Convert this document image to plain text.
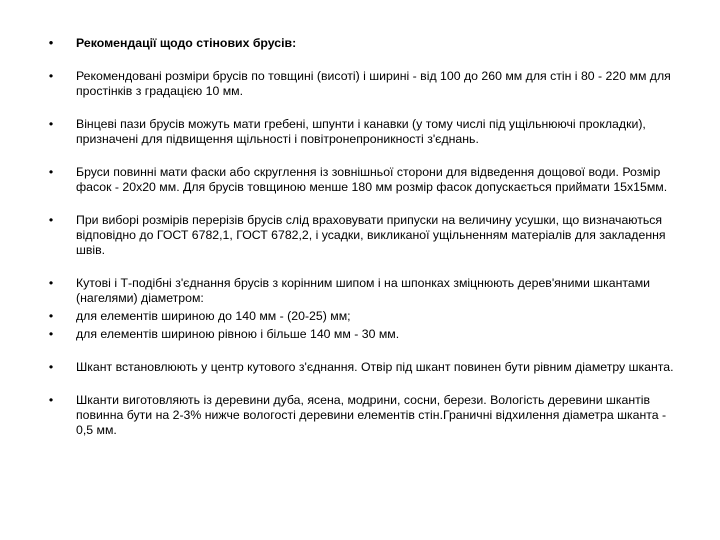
• Рекомендації щодо стінових брусів:
• Рекомендовані розміри брусів по товщині (висоті) і ширині - від 100 до 260 мм для стін і 80 - 220 мм для простінків з градацією 10 мм.
• Вінцеві пази брусів можуть мати гребені, шпунти і канавки (у тому числі під ущільнюючі прокладки), призначені для підвищення щільності і повітронепроникності з'єднань.
• Бруси повинні мати фаски або скруглення із зовнішньої сторони для відведення дощової води. Розмір фасок - 20х20 мм. Для брусів товщиною менше 180 мм розмір фасок допускається приймати 15х15мм.
• При виборі розмірів перерізів брусів слід враховувати припуски на величину усушки, що визначаються відповідно до ГОСТ 6782,1, ГОСТ 6782,2, і усадки, викликаної ущільненням матеріалів для закладення швів.
• Кутові і Т-подібні з'єднання брусів з корінним шипом і на шпонках зміцнюють дерев'яними шкантами (нагелями) діаметром:
• для елементів шириною до 140 мм - (20-25) мм;
• для елементів шириною рівною і більше 140 мм - 30 мм.
• Шкант встановлюють у центр кутового з'єднання. Отвір під шкант повинен бути рівним діаметру шканта.
• Шканти виготовляють із деревини дуба, ясена, модрини, сосни, берези. Вологість деревини шкантів повинна бути на 2-3% нижче вологості деревини елементів стін.Граничні відхилення діаметра шканта - 0,5 мм.
